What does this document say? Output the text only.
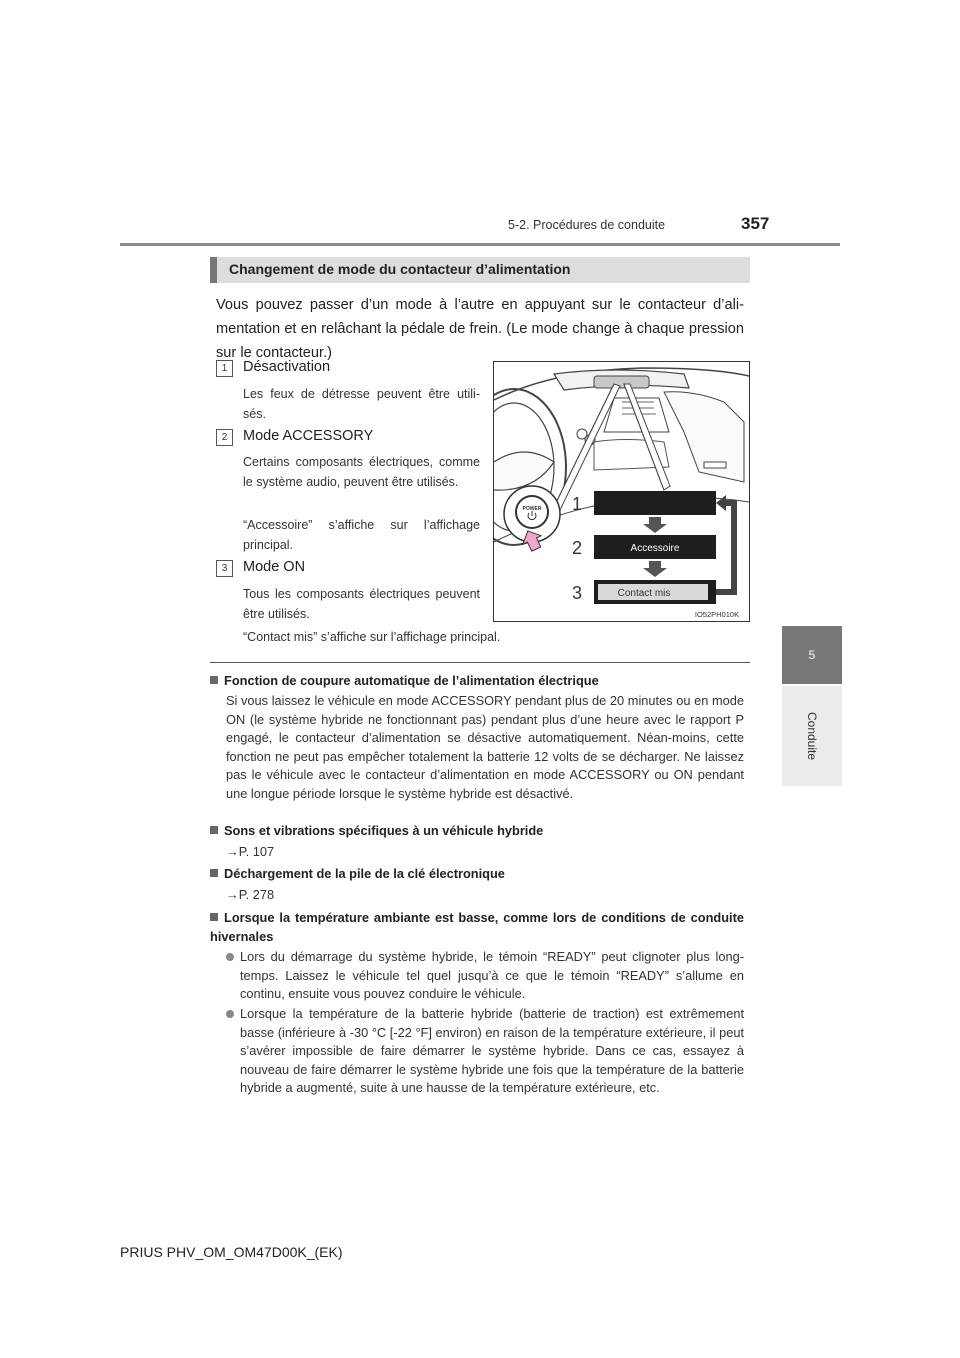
5-2. Procédures de conduite	357
5
Conduite
Changement de mode du contacteur d’alimentation
Vous pouvez passer d’un mode à l’autre en appuyant sur le contacteur d’ali-mentation et en relâchant la pédale de frein. (Le mode change à chaque pression sur le contacteur.)
1	Désactivation
Les feux de détresse peuvent être utili-sés.
2	Mode ACCESSORY
Certains composants électriques, comme le système audio, peuvent être utilisés.
“Accessoire” s’affiche sur l’affichage principal.
3	Mode ON
Tous les composants électriques peuvent être utilisés.
“Contact mis” s’affiche sur l’affichage principal.
POWER 1
2
3
Accessoire
Contact mis
IO52PH010K
Fonction de coupure automatique de l’alimentation électrique
Si vous laissez le véhicule en mode ACCESSORY pendant plus de 20 minutes ou en mode ON (le système hybride ne fonctionnant pas) pendant plus d’une heure avec le rapport P engagé, le contacteur d’alimentation se désactive automatiquement. Néan-moins, cette fonction ne peut pas empêcher totalement la batterie 12 volts de se décharger. Ne laissez pas le véhicule avec le contacteur d’alimentation en mode ACCESSORY ou ON pendant une longue période lorsque le système hybride est désactivé.
Sons et vibrations spécifiques à un véhicule hybride
→P. 107
Déchargement de la pile de la clé électronique
→P. 278
Lorsque la température ambiante est basse, comme lors de conditions de conduite hivernales
Lors du démarrage du système hybride, le témoin “READY” peut clignoter plus long-temps. Laissez le véhicule tel quel jusqu’à ce que le témoin “READY” s’allume en continu, ensuite vous pouvez conduire le véhicule.
Lorsque la température de la batterie hybride (batterie de traction) est extrêmement basse (inférieure à -30 °C [-22 °F] environ) en raison de la température extérieure, il peut s’avérer impossible de faire démarrer le système hybride. Dans ce cas, essayez à nouveau de faire démarrer le système hybride une fois que la température de la batterie hybride a augmenté, suite à une hausse de la température extérieure, etc.
PRIUS PHV_OM_OM47D00K_(EK)
